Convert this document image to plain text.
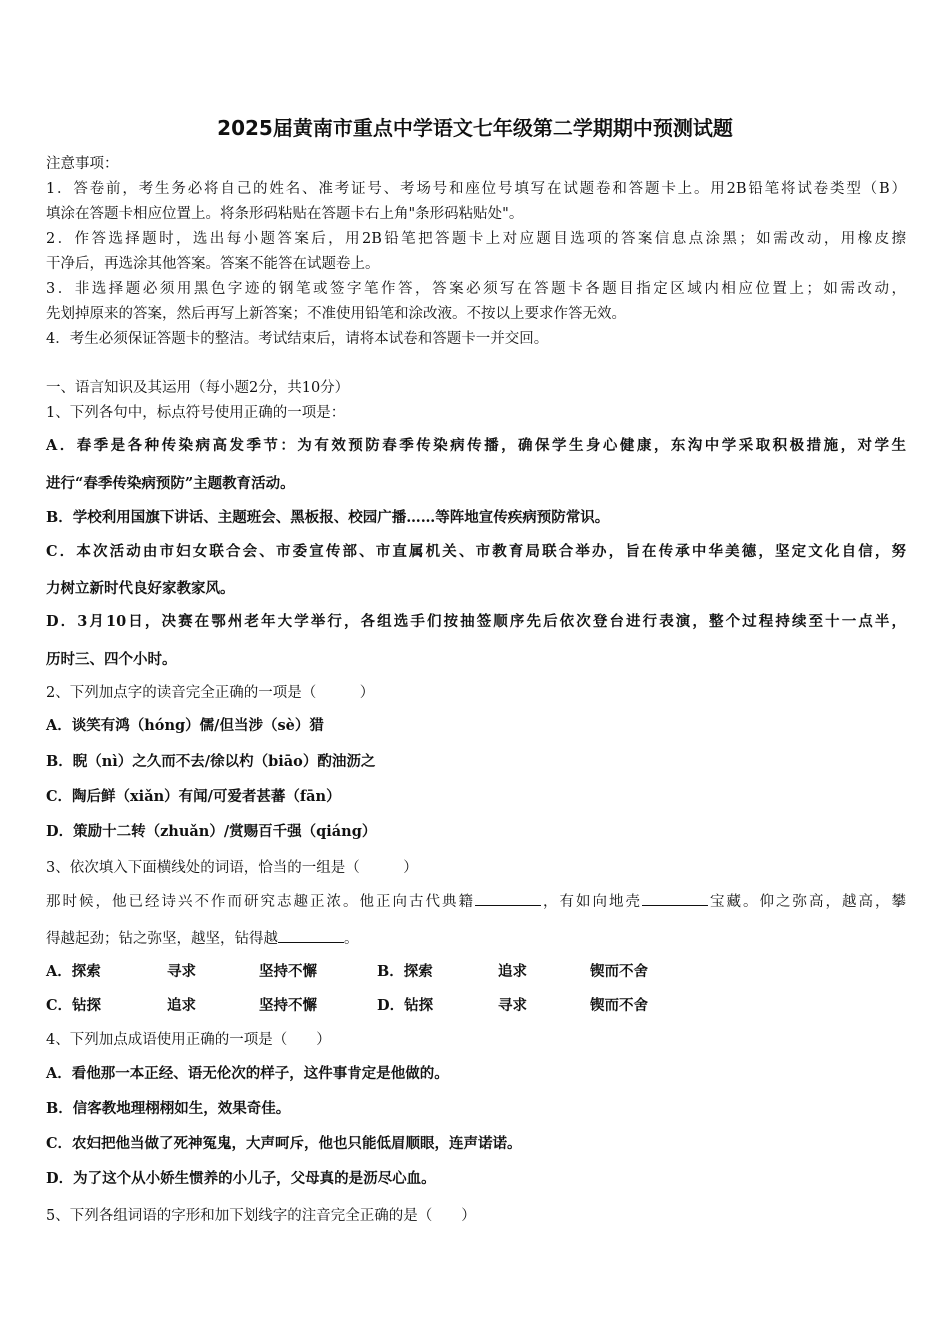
2025届黄南市重点中学语文七年级第二学期期中预测试题
注意事项：
1．答卷前，考生务必将自己的姓名、准考证号、考场号和座位号填写在试题卷和答题卡上。用2B铅笔将试卷类型（B）
填涂在答题卡相应位置上。将条形码粘贴在答题卡右上角"条形码粘贴处"。
2．作答选择题时，选出每小题答案后，用2B铅笔把答题卡上对应题目选项的答案信息点涂黑；如需改动，用橡皮擦
干净后，再选涂其他答案。答案不能答在试题卷上。
3．非选择题必须用黑色字迹的钢笔或签字笔作答，答案必须写在答题卡各题目指定区域内相应位置上；如需改动，
先划掉原来的答案，然后再写上新答案；不准使用铅笔和涂改液。不按以上要求作答无效。
4．考生必须保证答题卡的整洁。考试结束后，请将本试卷和答题卡一并交回。
一、语言知识及其运用（每小题2分，共10分）
1、下列各句中，标点符号使用正确的一项是：
A．春季是各种传染病高发季节：为有效预防春季传染病传播，确保学生身心健康，东沟中学采取积极措施，对学生
进行“春季传染病预防”主题教育活动。
B．学校利用国旗下讲话、主题班会、黑板报、校园广播……等阵地宣传疾病预防常识。
C．本次活动由市妇女联合会、市委宣传部、市直属机关、市教育局联合举办，旨在传承中华美德，坚定文化自信，努
力树立新时代良好家教家风。
D．3月10日，决赛在鄂州老年大学举行，各组选手们按抽签顺序先后依次登台进行表演，整个过程持续至十一点半，
历时三、四个小时。
2、下列加点字的读音完全正确的一项是（　　　）
A．谈笑有鸿（hóng）儒/但当涉（sè）猎
B．睨（nì）之久而不去/徐以杓（biāo）酌油沥之
C．陶后鲜（xiǎn）有闻/可爱者甚蕃（fān）
D．策励十二转（zhuǎn）/赏赐百千强（qiáng）
3、依次填入下面横线处的词语，恰当的一组是（　　　）
那时候，他已经诗兴不作而研究志趣正浓。他正向古代典籍	，有如向地壳	宝藏。仰之弥高，越高，攀
得越起劲；钻之弥坚，越坚，钻得越	。
A．探索	寻求	坚持不懈	B．探索	追求	锲而不舍
C．钻探	追求	坚持不懈	D．钻探	寻求	锲而不舍
4、下列加点成语使用正确的一项是（　　）
A．看他那一本正经、语无伦次的样子，这件事肯定是他做的。
B．信客教地理栩栩如生，效果奇佳。
C．农妇把他当做了死神冤鬼，大声呵斥，他也只能低眉顺眼，连声诺诺。
D．为了这个从小娇生惯养的小儿子，父母真的是沥尽心血。
5、下列各组词语的字形和加下划线字的注音完全正确的是（　　）
